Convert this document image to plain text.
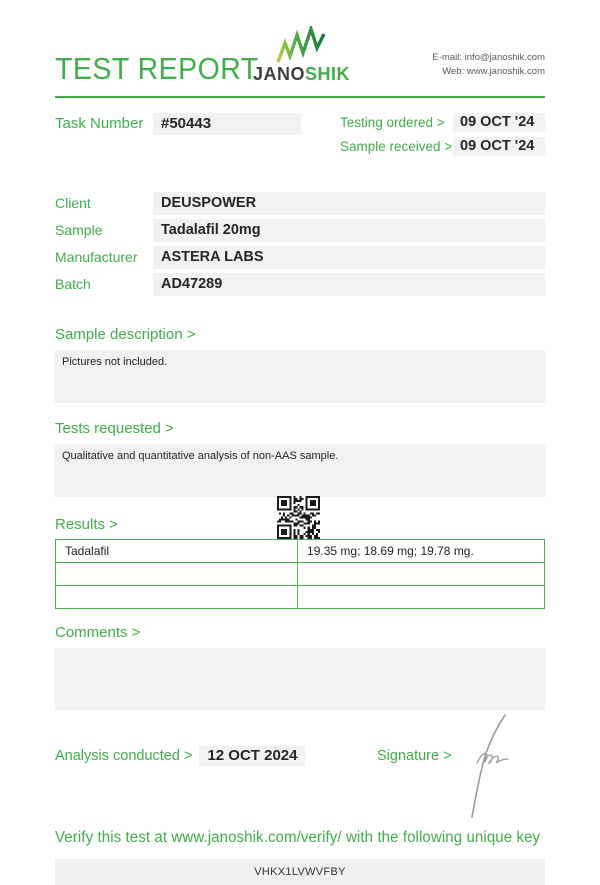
TEST REPORT
JANOSHIK
E-mail: info@janoshik.com
Web: www.janoshik.com
Task Number	#50443	Testing ordered >	09 OCT '24
Sample received > 09 OCT '24
Client	DEUSPOWER
Sample	Tadalafil 20mg
Manufacturer	ASTERA LABS
Batch	AD47289
Sample description >
Pictures not included.
Tests requested >
Qualitative and quantitative analysis of non-AAS sample.
Results >
Tadalafil	19.35 mg; 18.69 mg; 19.78 mg.

Comments >
Analysis conducted >	12 OCT 2024	Signature >
Verify this test at www.janoshik.com/verify/ with the following unique key
VHKX1LVWVFBY
